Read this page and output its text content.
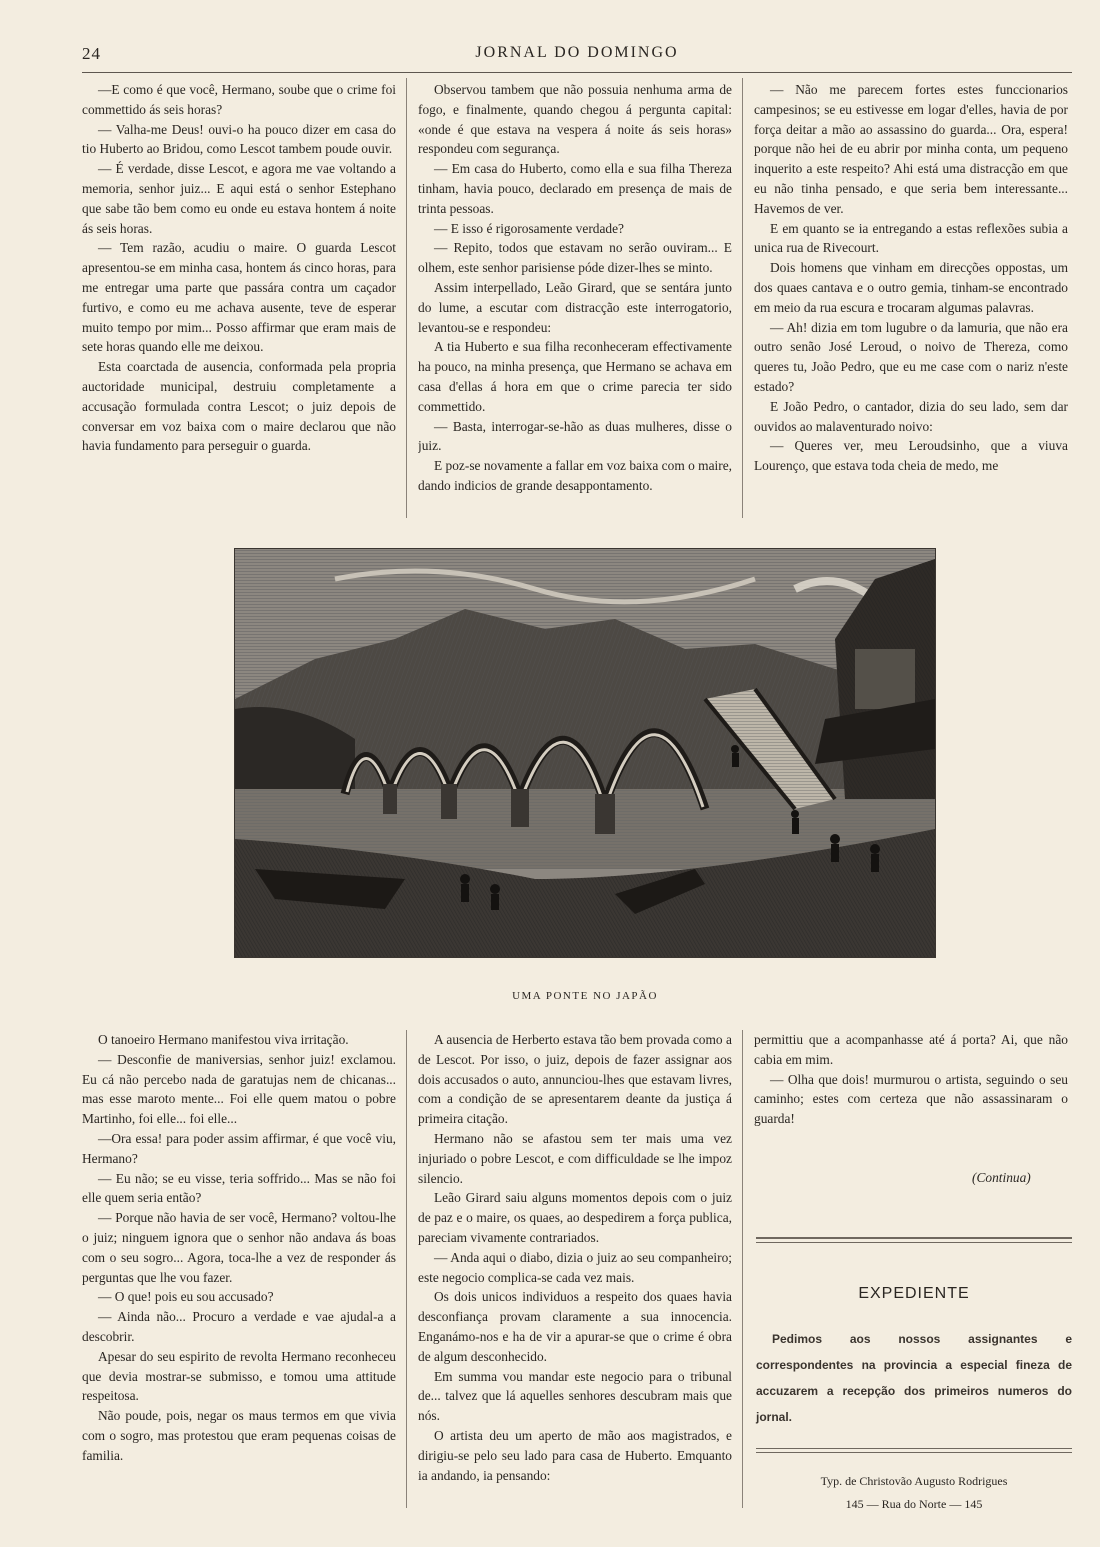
24	JORNAL DO DOMINGO

—E como é que você, Hermano, soube que o crime foi commettido ás seis horas?

— Valha-me Deus! ouvi-o ha pouco dizer em casa do tio Huberto ao Bridou, como Lescot tambem poude ouvir.

— É verdade, disse Lescot, e agora me vae voltando a memoria, senhor juiz... E aqui está o senhor Estephano que sabe tão bem como eu onde eu estava hontem á noite ás seis horas.

— Tem razão, acudiu o maire. O guarda Lescot apresentou-se em minha casa, hontem ás cinco horas, para me entregar uma parte que passára contra um caçador furtivo, e como eu me achava ausente, teve de esperar muito tempo por mim... Posso affirmar que eram mais de sete horas quando elle me deixou.

Esta coarctada de ausencia, conformada pela propria auctoridade municipal, destruiu completamente a accusação formulada contra Lescot; o juiz depois de conversar em voz baixa com o maire declarou que não havia fundamento para perseguir o guarda.

Observou tambem que não possuia nenhuma arma de fogo, e finalmente, quando chegou á pergunta capital: «onde é que estava na vespera á noite ás seis horas» respondeu com segurança.

— Em casa do Huberto, como ella e sua filha Thereza tinham, havia pouco, declarado em presença de mais de trinta pessoas.

— E isso é rigorosamente verdade?

— Repito, todos que estavam no serão ouviram... E olhem, este senhor parisiense póde dizer-lhes se minto.

Assim interpellado, Leão Girard, que se sentára junto do lume, a escutar com distracção este interrogatorio, levantou-se e respondeu:

A tia Huberto e sua filha reconheceram effectivamente ha pouco, na minha presença, que Hermano se achava em casa d'ellas á hora em que o crime parecia ter sido commettido.

— Basta, interrogar-se-hão as duas mulheres, disse o juiz.

E poz-se novamente a fallar em voz baixa com o maire, dando indicios de grande desappontamento.

— Não me parecem fortes estes funccionarios campesinos; se eu estivesse em logar d'elles, havia de por força deitar a mão ao assassino do guarda... Ora, espera! porque não hei de eu abrir por minha conta, um pequeno inquerito a este respeito? Ahi está uma distracção em que eu não tinha pensado, e que seria bem interessante... Havemos de ver.

E em quanto se ia entregando a estas reflexões subia a unica rua de Rivecourt.

Dois homens que vinham em direcções oppostas, um dos quaes cantava e o outro gemia, tinham-se encontrado em meio da rua escura e trocaram algumas palavras.

— Ah! dizia em tom lugubre o da lamuria, que não era outro senão José Leroud, o noivo de Thereza, como queres tu, João Pedro, que eu me case com o nariz n'este estado?

E João Pedro, o cantador, dizia do seu lado, sem dar ouvidos ao malaventurado noivo:

— Queres ver, meu Leroudsinho, que a viuva Lourenço, que estava toda cheia de medo, me

UMA PONTE NO JAPÃO

O tanoeiro Hermano manifestou viva irritação.

— Desconfie de maniversias, senhor juiz! exclamou. Eu cá não percebo nada de garatujas nem de chicanas... mas esse maroto mente... Foi elle quem matou o pobre Martinho, foi elle... foi elle...

—Ora essa! para poder assim affirmar, é que você viu, Hermano?

— Eu não; se eu visse, teria soffrido... Mas se não foi elle quem seria então?

— Porque não havia de ser você, Hermano? voltou-lhe o juiz; ninguem ignora que o senhor não andava ás boas com o seu sogro... Agora, toca-lhe a vez de responder ás perguntas que lhe vou fazer.

— O que! pois eu sou accusado?

— Ainda não... Procuro a verdade e vae ajudal-a a descobrir.

Apesar do seu espirito de revolta Hermano reconheceu que devia mostrar-se submisso, e tomou uma attitude respeitosa.

Não poude, pois, negar os maus termos em que vivia com o sogro, mas protestou que eram pequenas coisas de familia.

A ausencia de Herberto estava tão bem provada como a de Lescot. Por isso, o juiz, depois de fazer assignar aos dois accusados o auto, annunciou-lhes que estavam livres, com a condição de se apresentarem deante da justiça á primeira citação.

Hermano não se afastou sem ter mais uma vez injuriado o pobre Lescot, e com difficuldade se lhe impoz silencio.

Leão Girard saiu alguns momentos depois com o juiz de paz e o maire, os quaes, ao despedirem a força publica, pareciam vivamente contrariados.

— Anda aqui o diabo, dizia o juiz ao seu companheiro; este negocio complica-se cada vez mais.

Os dois unicos individuos a respeito dos quaes havia desconfiança provam claramente a sua innocencia. Enganámo-nos e ha de vir a apurar-se que o crime é obra de algum desconhecido.

Em summa vou mandar este negocio para o tribunal de... talvez que lá aquelles senhores descubram mais que nós.

O artista deu um aperto de mão aos magistrados, e dirigiu-se pelo seu lado para casa de Huberto. Emquanto ia andando, ia pensando:

permittiu que a acompanhasse até á porta? Ai, que não cabia em mim.

— Olha que dois! murmurou o artista, seguindo o seu caminho; estes com certeza que não assassinaram o guarda!

(Continua)
EXPEDIENTE

Pedimos aos nossos assignantes e correspondentes na provincia a especial fineza de accuzarem a recepção dos primeiros numeros do jornal.

Typ. de Christovão Augusto Rodrigues
145 — Rua do Norte — 145
